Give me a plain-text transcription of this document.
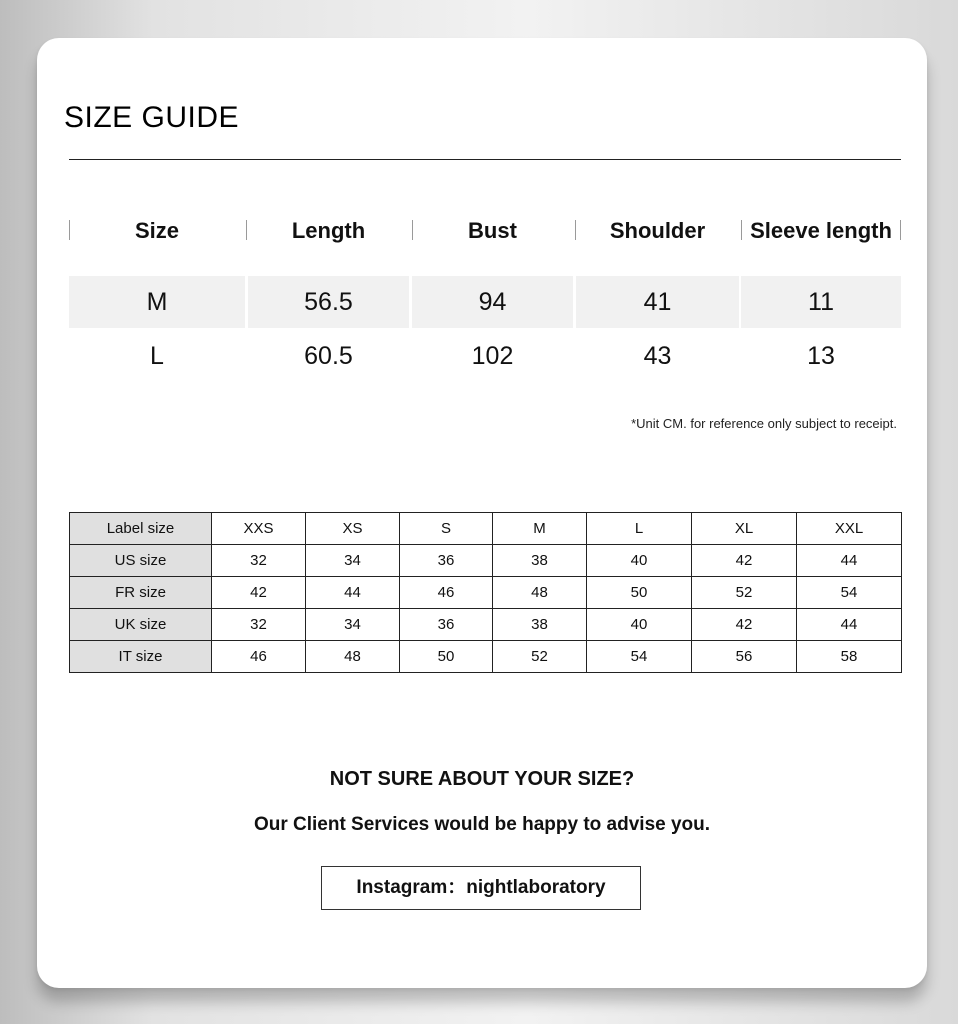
SIZE GUIDE
Size	Length	Bust	Shoulder	Sleeve length
M	56.5	94	41	11
L	60.5	102	43	13
*Unit CM. for reference only subject to receipt.
Label size	XXS	XS	S	M	L	XL	XXL
US size	32	34	36	38	40	42	44
FR size	42	44	46	48	50	52	54
UK size	32	34	36	38	40	42	44
IT size	46	48	50	52	54	56	58
NOT SURE ABOUT YOUR SIZE?
Our Client Services would be happy to advise you.
Instagram：nightlaboratory
